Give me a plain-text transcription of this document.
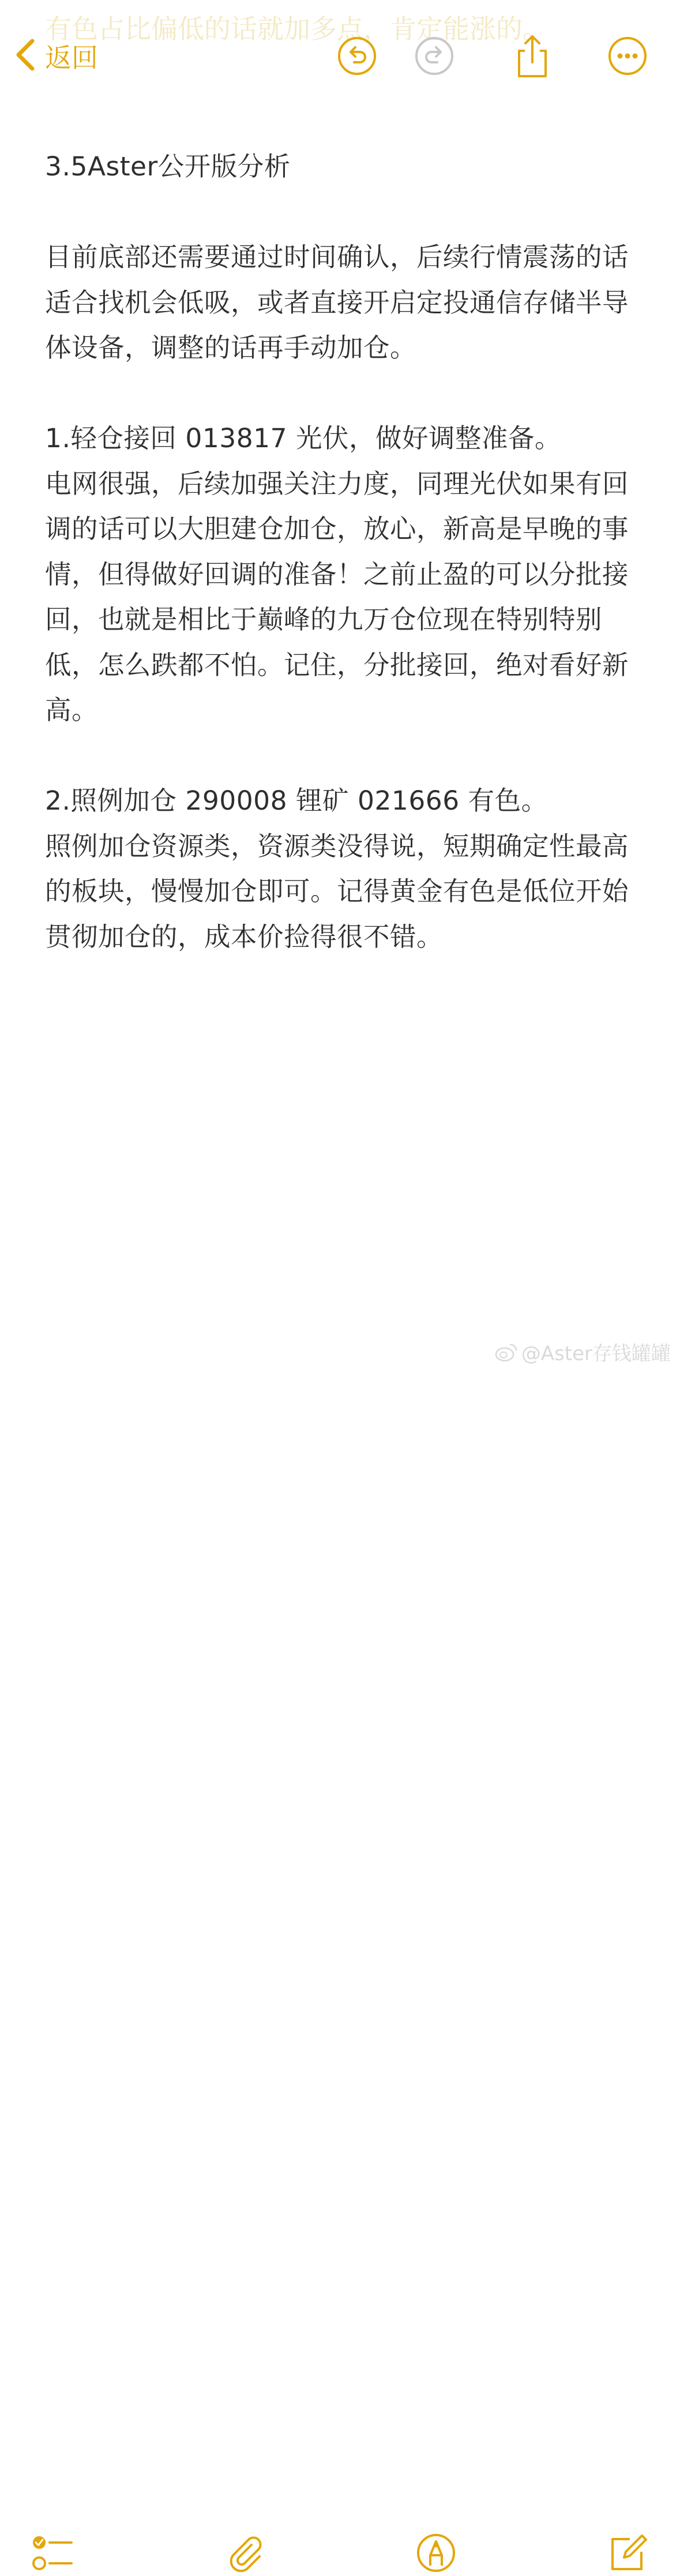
有色占比偏低的话就加多点，肯定能涨的。
返回

3.5Aster公开版分析

目前底部还需要通过时间确认，后续行情震荡的话适合找机会低吸，或者直接开启定投通信存储半导体设备，调整的话再手动加仓。

1.轻仓接回 013817 光伏，做好调整准备。

电网很强，后续加强关注力度，同理光伏如果有回调的话可以大胆建仓加仓，放心，新高是早晚的事情，但得做好回调的准备！之前止盈的可以分批接回，也就是相比于巅峰的九万仓位现在特别特别低，怎么跌都不怕。记住，分批接回，绝对看好新高。

2.照例加仓 290008 锂矿 021666 有色。

照例加仓资源类，资源类没得说，短期确定性最高的板块，慢慢加仓即可。记得黄金有色是低位开始贯彻加仓的，成本价捡得很不错。

@Aster存钱罐罐
